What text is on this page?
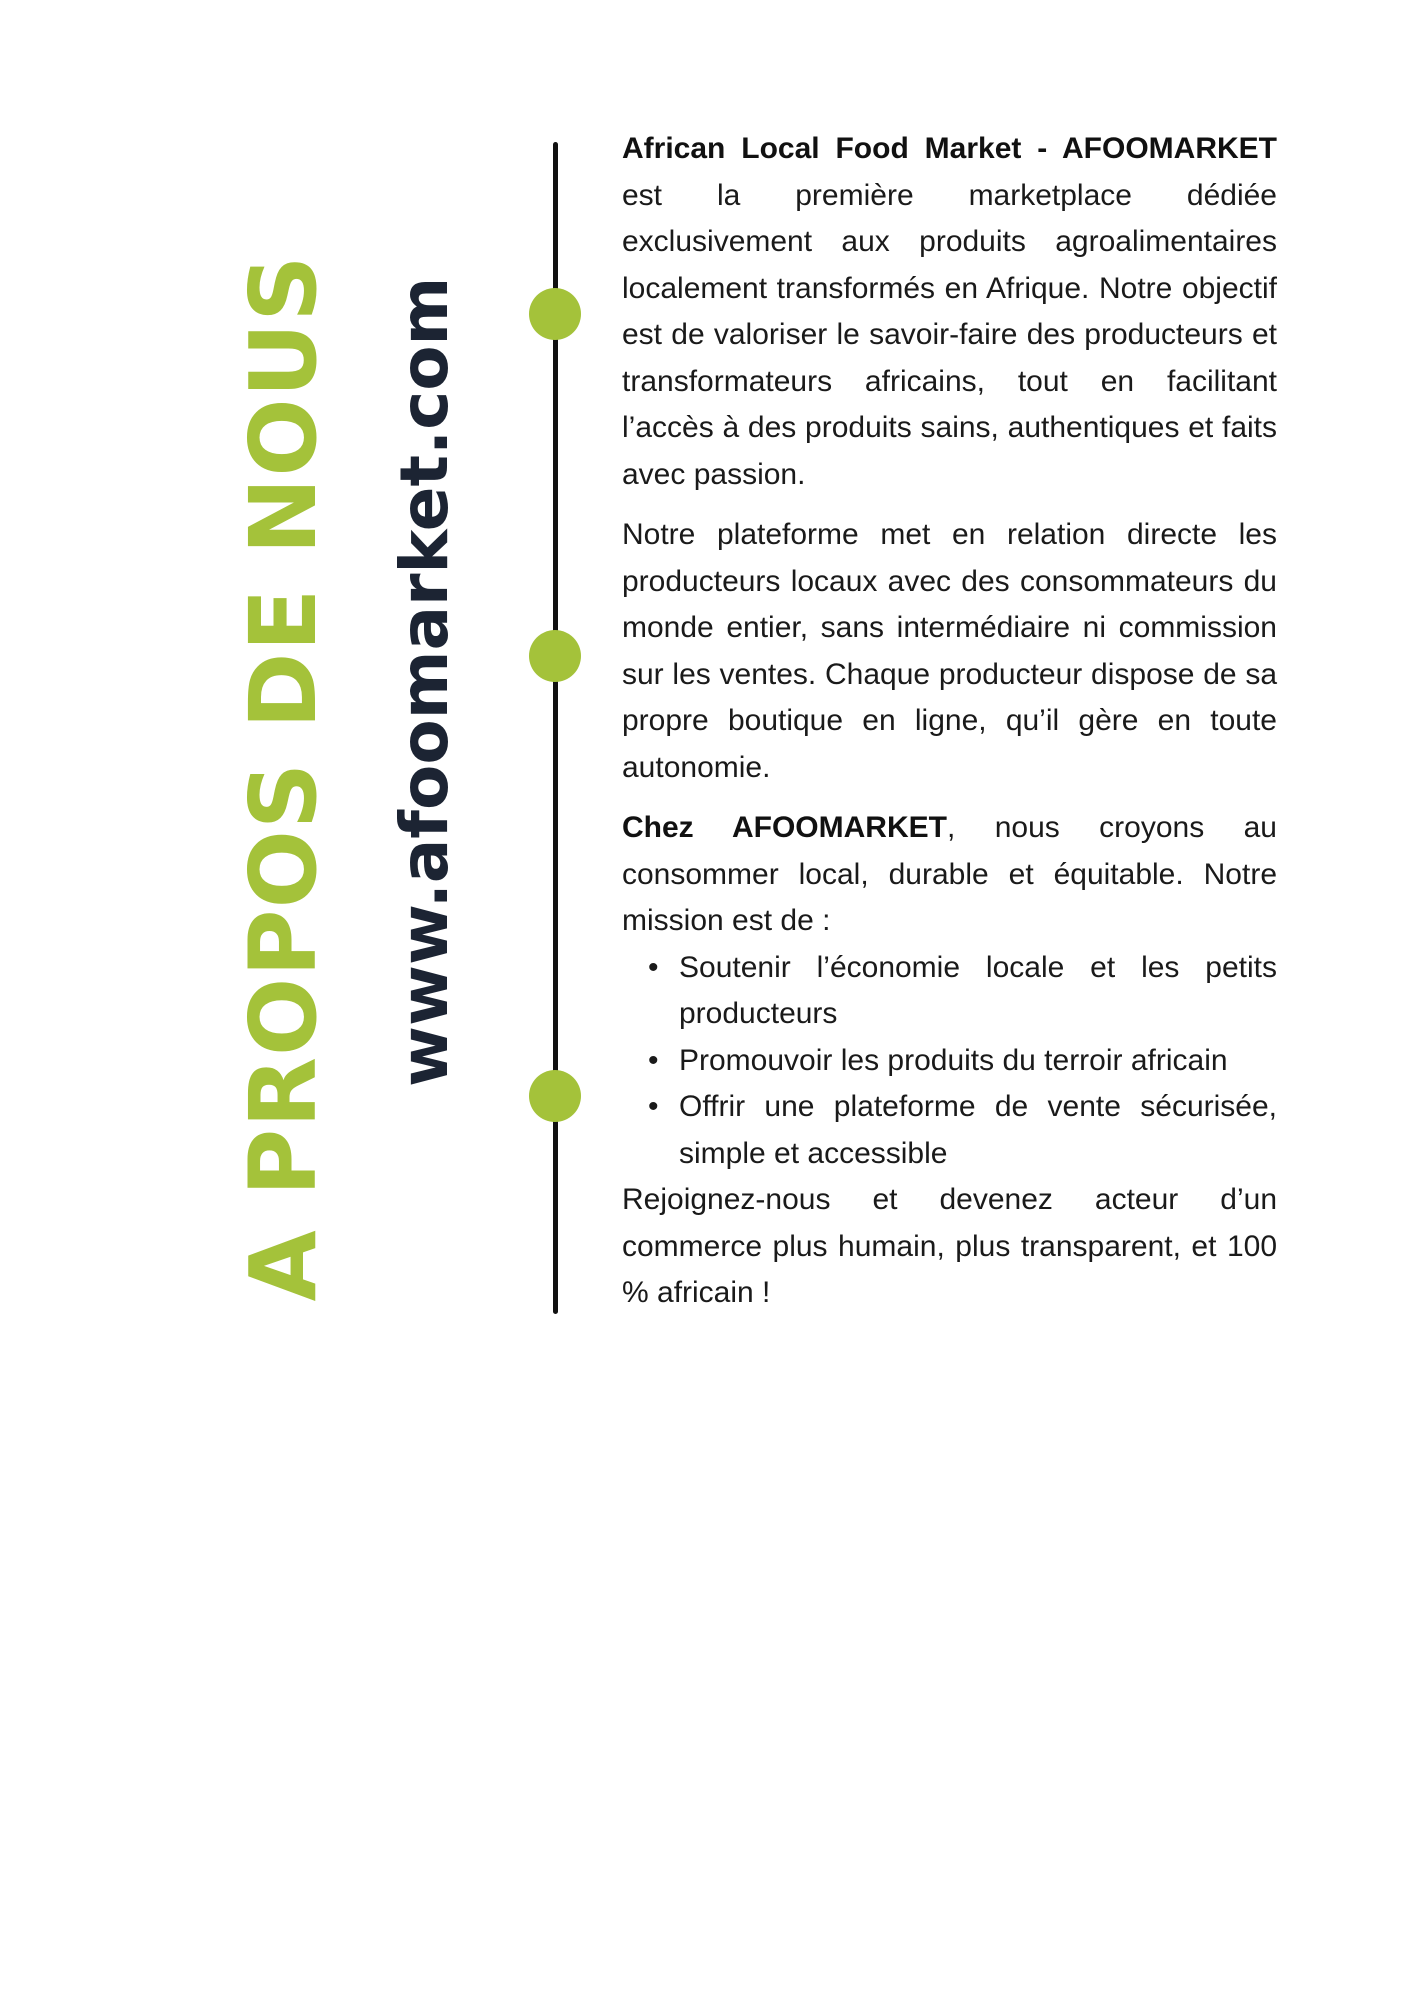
A PROPOS DE NOUS www.afoomarket.com

African Local Food Market - AFOOMARKET est la première marketplace dédiée exclusivement aux produits agroalimentaires localement transformés en Afrique. Notre objectif est de valoriser le savoir-faire des producteurs et transformateurs africains, tout en facilitant l’accès à des produits sains, authentiques et faits avec passion.

Notre plateforme met en relation directe les producteurs locaux avec des consommateurs du monde entier, sans intermédiaire ni commission sur les ventes. Chaque producteur dispose de sa propre boutique en ligne, qu’il gère en toute autonomie.

Chez AFOOMARKET, nous croyons au consommer local, durable et équitable. Notre mission est de :

• Soutenir l’économie locale et les petits producteurs
• Promouvoir les produits du terroir africain
• Offrir une plateforme de vente sécurisée, simple et accessible

Rejoignez-nous et devenez acteur d’un commerce plus humain, plus transparent, et 100 % africain !
